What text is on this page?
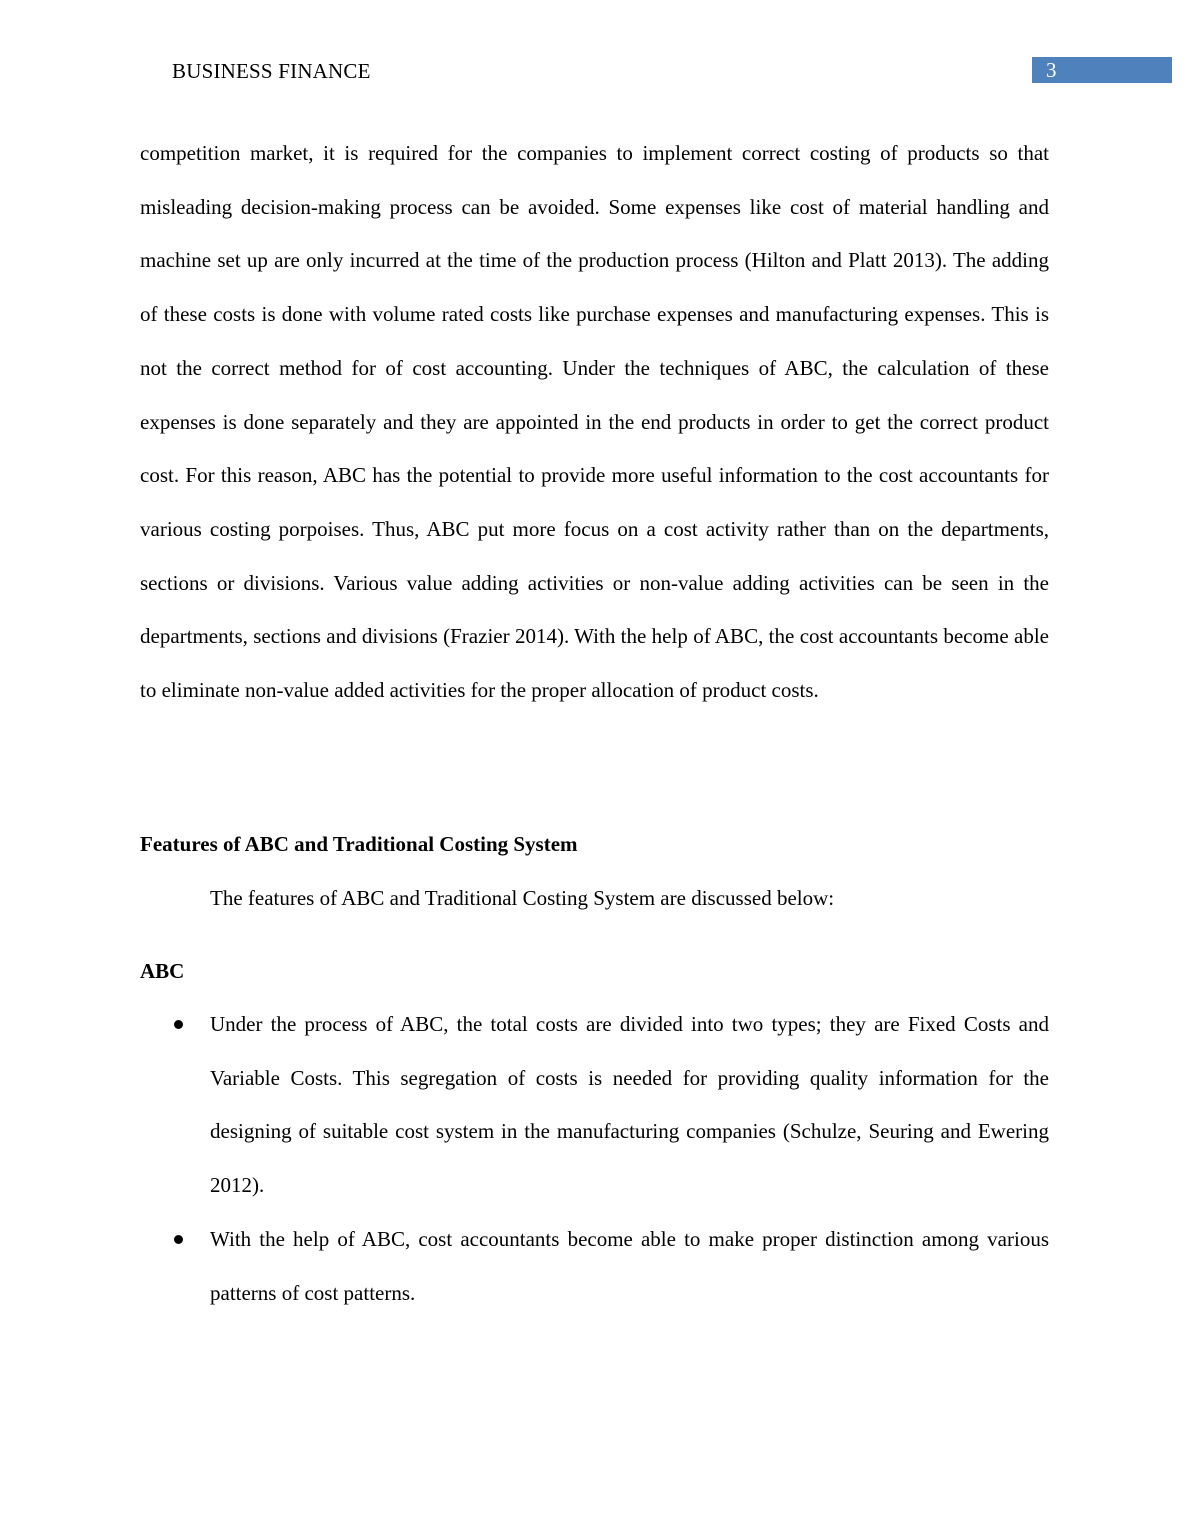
BUSINESS FINANCE	3

competition market, it is required for the companies to implement correct costing of products so that misleading decision-making process can be avoided. Some expenses like cost of material handling and machine set up are only incurred at the time of the production process (Hilton and Platt 2013). The adding of these costs is done with volume rated costs like purchase expenses and manufacturing expenses. This is not the correct method for of cost accounting. Under the techniques of ABC, the calculation of these expenses is done separately and they are appointed in the end products in order to get the correct product cost. For this reason, ABC has the potential to provide more useful information to the cost accountants for various costing porpoises. Thus, ABC put more focus on a cost activity rather than on the departments, sections or divisions. Various value adding activities or non-value adding activities can be seen in the departments, sections and divisions (Frazier 2014). With the help of ABC, the cost accountants become able to eliminate non-value added activities for the proper allocation of product costs.

Features of ABC and Traditional Costing System

The features of ABC and Traditional Costing System are discussed below:

ABC
Under the process of ABC, the total costs are divided into two types; they are Fixed Costs and Variable Costs. This segregation of costs is needed for providing quality information for the designing of suitable cost system in the manufacturing companies (Schulze, Seuring and Ewering 2012).
With the help of ABC, cost accountants become able to make proper distinction among various patterns of cost patterns.
